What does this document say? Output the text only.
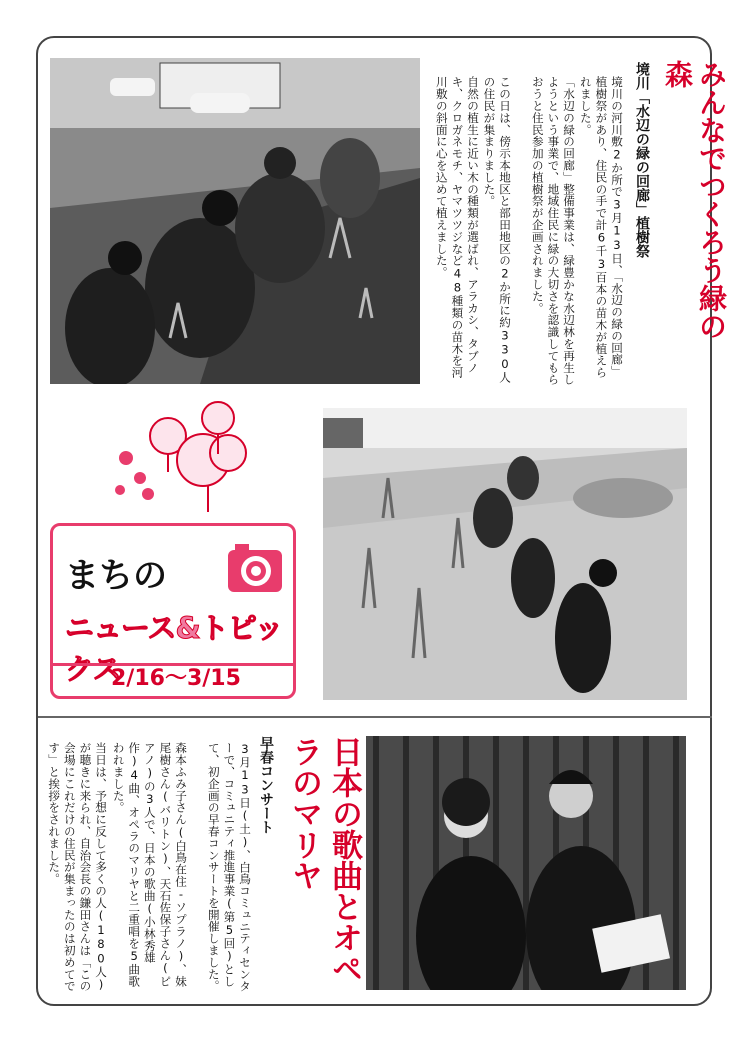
みんなでつくろう緑の森
境川「水辺の緑の回廊」植樹祭
境川の河川敷2か所で3月13日、「水辺の緑の回廊」植樹祭があり、住民の手で計6千3百本の苗木が植えられました。
「水辺の緑の回廊」整備事業は、緑豊かな水辺林を再生しようという事業で、地域住民に緑の大切さを認識してもらおうと住民参加の植樹祭が企画されました。
この日は、傍示本地区と部田地区の2か所に約330人の住民が集まりました。
自然の植生に近い木の種類が選ばれ、アラカシ、タブノキ、クロガネモチ、ヤマツツジなど48種類の苗木を河川敷の斜面に心を込めて植えました。
まちの
ニュース&トピックス
2/16〜3/15
日本の歌曲とオペラのマリヤ
早春コンサート
3月13日(土)、白鳥コミュニティセンターで、コミュニティ推進事業(第5回)として、初企画の早春コンサートを開催しました。
森本ふみ子さん(白鳥在住-ソプラノ)、妹尾樹さん(バリトン)、天石佐保子さん(ピアノ)の3人で、日本の歌曲(小林秀雄作)4曲、オペラのマリヤと二重唱を5曲歌われました。
当日は、予想に反して多くの人(180人)が聴きに来られ、自治会長の鎌田さんは「この会場にこれだけの住民が集まったのは初めてです」と挨拶をされました。
